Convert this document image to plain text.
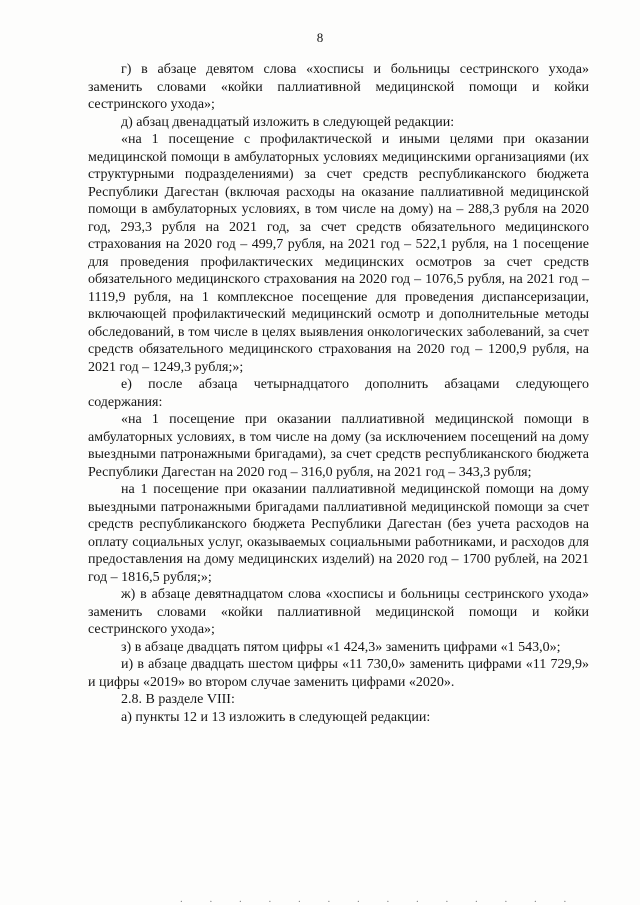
8

г) в абзаце девятом слова «хосписы и больницы сестринского ухода» заменить словами «койки паллиативной медицинской помощи и койки сестринского ухода»;

д) абзац двенадцатый изложить в следующей редакции:

«на 1 посещение с профилактической и иными целями при оказании медицинской помощи в амбулаторных условиях медицинскими организациями (их структурными подразделениями) за счет средств республиканского бюджета Республики Дагестан (включая расходы на оказание паллиативной медицинской помощи в амбулаторных условиях, в том числе на дому) на – 288,3 рубля на 2020 год, 293,3 рубля на 2021 год, за счет средств обязательного медицинского страхования на 2020 год – 499,7 рубля, на 2021 год – 522,1 рубля, на 1 посещение для проведения профилактических медицинских осмотров за счет средств обязательного медицинского страхования на 2020 год – 1076,5 рубля, на 2021 год – 1119,9 рубля, на 1 комплексное посещение для проведения диспансеризации, включающей профилактический медицинский осмотр и дополнительные методы обследований, в том числе в целях выявления онкологических заболеваний, за счет средств обязательного медицинского страхования на 2020 год – 1200,9 рубля, на 2021 год – 1249,3 рубля;»;

е) после абзаца четырнадцатого дополнить абзацами следующего содержания:

«на 1 посещение при оказании паллиативной медицинской помощи в амбулаторных условиях, в том числе на дому (за исключением посещений на дому выездными патронажными бригадами), за счет средств республиканского бюджета Республики Дагестан на 2020 год – 316,0 рубля, на 2021 год – 343,3 рубля;

на 1 посещение при оказании паллиативной медицинской помощи на дому выездными патронажными бригадами паллиативной медицинской помощи за счет средств республиканского бюджета Республики Дагестан (без учета расходов на оплату социальных услуг, оказываемых социальными работниками, и расходов для предоставления на дому медицинских изделий) на 2020 год – 1700 рублей, на 2021 год – 1816,5 рубля;»;

ж) в абзаце девятнадцатом слова «хосписы и больницы сестринского ухода» заменить словами «койки паллиативной медицинской помощи и койки сестринского ухода»;

з) в абзаце двадцать пятом цифры «1 424,3» заменить цифрами «1 543,0»;

и) в абзаце двадцать шестом цифры «11 730,0» заменить цифрами «11 729,9» и цифры «2019» во втором случае заменить цифрами «2020».

2.8. В разделе VIII:

а) пункты 12 и 13 изложить в следующей редакции:

. . . . . . . . . . . . . .
